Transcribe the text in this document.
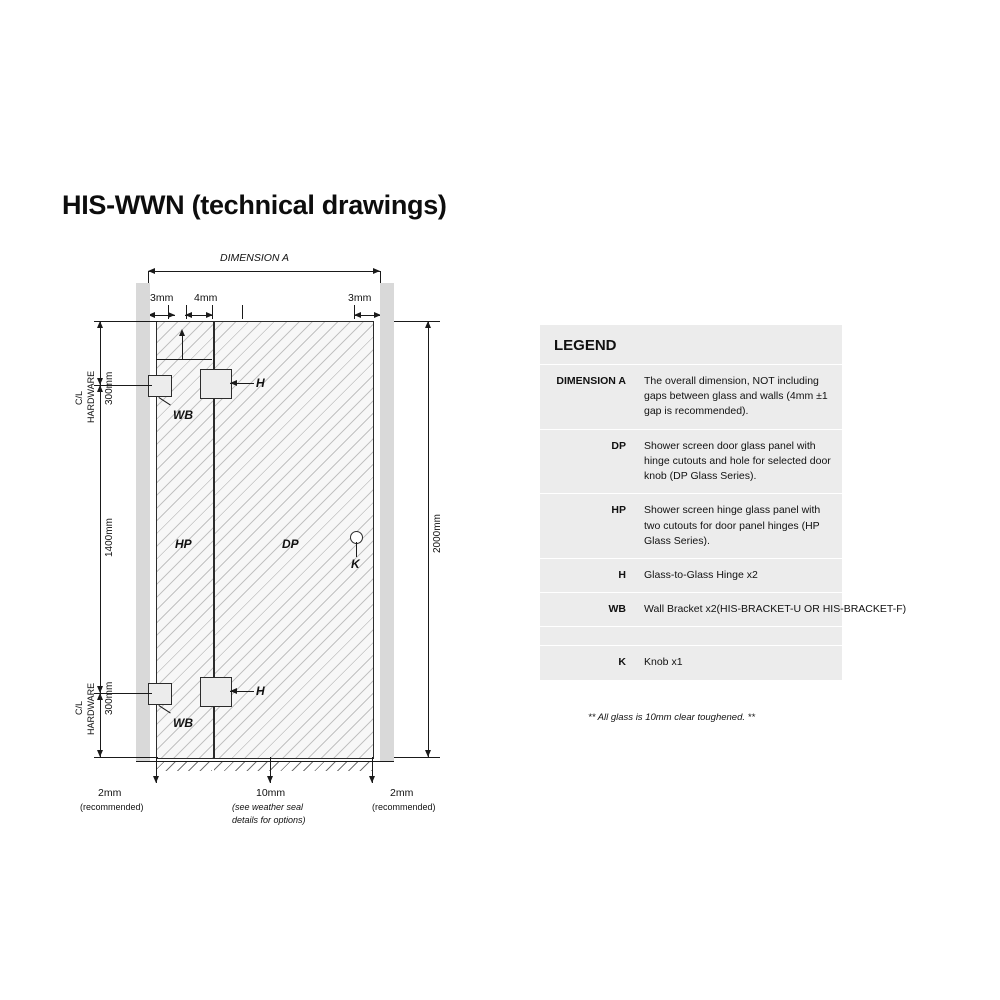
HIS-WWN (technical drawings)
DIMENSION A
3mm 4mm	3mm
HP	DP
H
WB
H
WB
K
C/L HARDWARE 300mm
1400mm
C/L HARDWARE 300mm
2000mm
2mm
(recommended)
10mm
(see weather seal
details for options)
2mm
(recommended)
LEGEND
DIMENSION A	The overall dimension, NOT including gaps between glass and walls (4mm ±1 gap is recommended).
DP	Shower screen door glass panel with hinge cutouts and hole for selected door knob (DP Glass Series).
HP	Shower screen hinge glass panel with two cutouts for door panel hinges (HP Glass Series).
H	Glass-to-Glass Hinge x2
WB	Wall Bracket x2(HIS-BRACKET-U OR HIS-BRACKET-F)
K	Knob x1
** All glass is 10mm clear toughened. **
